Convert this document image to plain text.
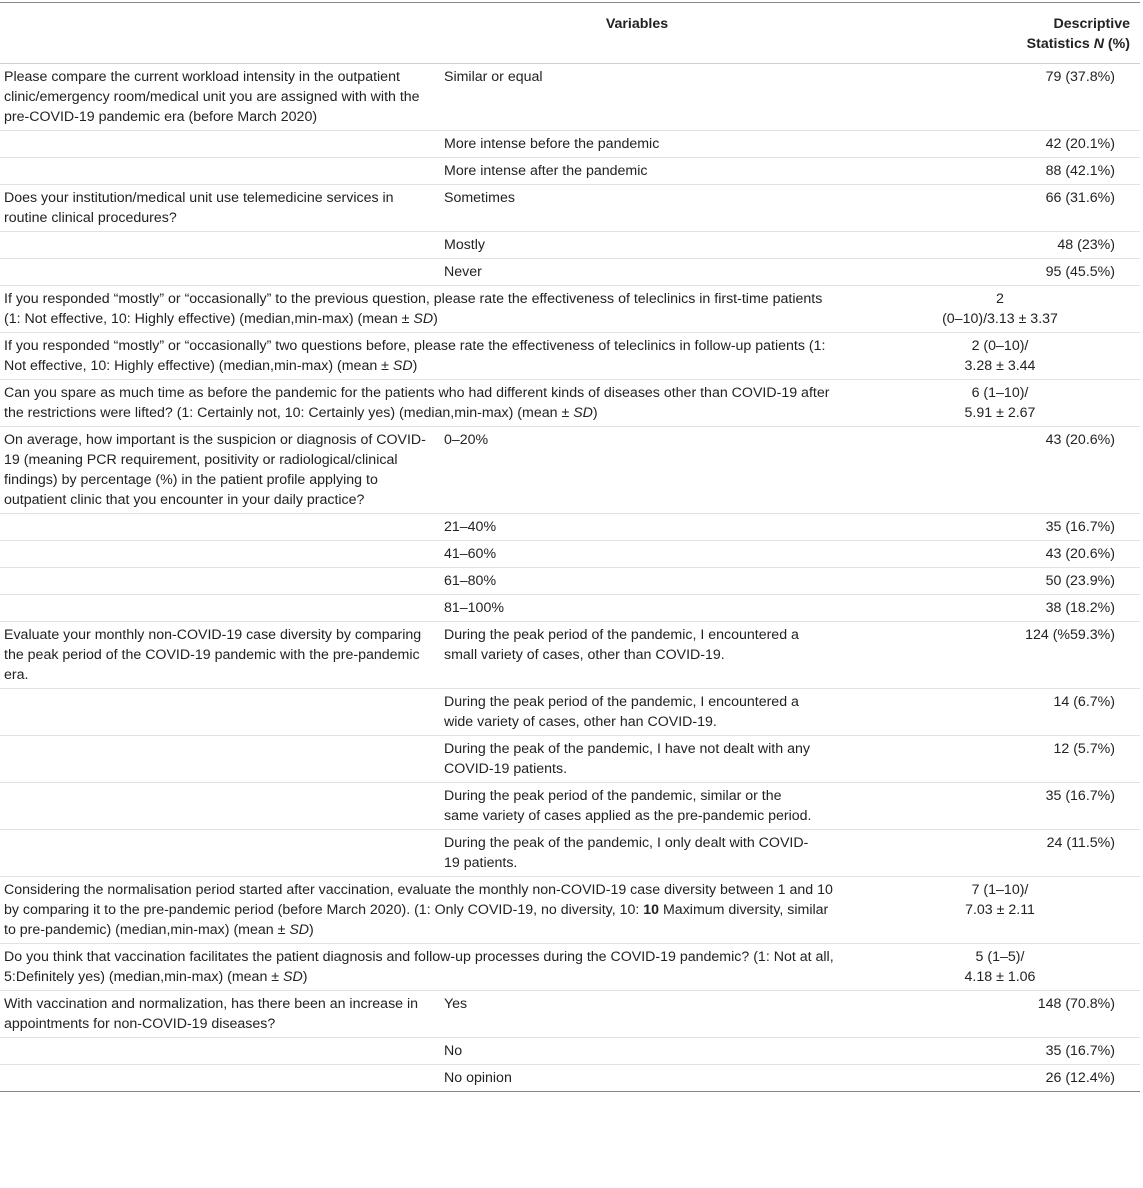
	Variables	Descriptive
Statistics N (%)
Please compare the current workload intensity in the outpatient clinic/emergency room/medical unit you are assigned with with the pre-COVID-19 pandemic era (before March 2020)	Similar or equal	79 (37.8%)
	More intense before the pandemic	42 (20.1%)
	More intense after the pandemic	88 (42.1%)
Does your institution/medical unit use telemedicine services in routine clinical procedures?	Sometimes	66 (31.6%)
	Mostly	48 (23%)
	Never	95 (45.5%)
If you responded “mostly” or “occasionally” to the previous question, please rate the effectiveness of teleclinics in first-time patients (1: Not effective, 10: Highly effective) (median,min-max) (mean ± SD)		2
(0–10)/3.13 ± 3.37
If you responded “mostly” or “occasionally” two questions before, please rate the effectiveness of teleclinics in follow-up patients (1: Not effective, 10: Highly effective) (median,min-max) (mean ± SD)		2 (0–10)/
3.28 ± 3.44
Can you spare as much time as before the pandemic for the patients who had different kinds of diseases other than COVID-19 after the restrictions were lifted? (1: Certainly not, 10: Certainly yes) (median,min-max) (mean ± SD)		6 (1–10)/
5.91 ± 2.67
On average, how important is the suspicion or diagnosis of COVID-19 (meaning PCR requirement, positivity or radiological/clinical findings) by percentage (%) in the patient profile applying to outpatient clinic that you encounter in your daily practice?	0–20%	43 (20.6%)
	21–40%	35 (16.7%)
	41–60%	43 (20.6%)
	61–80%	50 (23.9%)
	81–100%	38 (18.2%)
Evaluate your monthly non-COVID-19 case diversity by comparing the peak period of the COVID-19 pandemic with the pre-pandemic era.	During the peak period of the pandemic, I encountered a small variety of cases, other than COVID-19.	124 (%59.3%)
	During the peak period of the pandemic, I encountered a wide variety of cases, other han COVID-19.	14 (6.7%)
	During the peak of the pandemic, I have not dealt with any COVID-19 patients.	12 (5.7%)
	During the peak period of the pandemic, similar or the same variety of cases applied as the pre-pandemic period.	35 (16.7%)
	During the peak of the pandemic, I only dealt with COVID-19 patients.	24 (11.5%)
Considering the normalisation period started after vaccination, evaluate the monthly non-COVID-19 case diversity between 1 and 10 by comparing it to the pre-pandemic period (before March 2020). (1: Only COVID-19, no diversity, 10: 10 Maximum diversity, similar to pre-pandemic) (median,min-max) (mean ± SD)		7 (1–10)/
7.03 ± 2.11
Do you think that vaccination facilitates the patient diagnosis and follow-up processes during the COVID-19 pandemic? (1: Not at all, 5:Definitely yes) (median,min-max) (mean ± SD)		5 (1–5)/
4.18 ± 1.06
With vaccination and normalization, has there been an increase in appointments for non-COVID-19 diseases?	Yes	148 (70.8%)
	No	35 (16.7%)
	No opinion	26 (12.4%)
